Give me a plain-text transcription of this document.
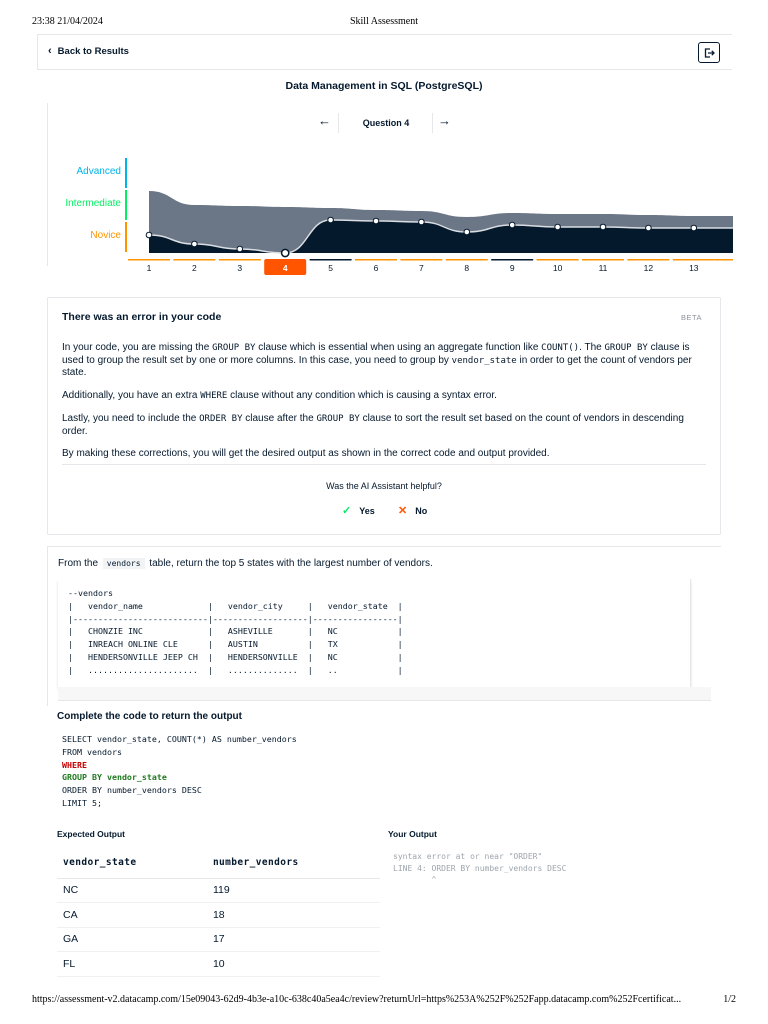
23:38 21/04/2024	Skill Assessment
‹ Back to Results
Data Management in SQL (PostgreSQL)
←	Question 4	→
Advanced
Intermediate
Novice
1	2	3	4	5	6	7	8	9	10	11	12	13
There was an error in your code	BETA

In your code, you are missing the GROUP BY clause which is essential when using an aggregate function like COUNT(). The GROUP BY clause is used to group the result set by one or more columns. In this case, you need to group by vendor_state in order to get the count of vendors per state.

Additionally, you have an extra WHERE clause without any condition which is causing a syntax error.

Lastly, you need to include the ORDER BY clause after the GROUP BY clause to sort the result set based on the count of vendors in descending order.

By making these corrections, you will get the desired output as shown in the correct code and output provided.

Was the AI Assistant helpful?
✓ Yes ✕ No
From the vendors table, return the top 5 states with the largest number of vendors.
--vendors
|   vendor_name             |   vendor_city     |   vendor_state  |
|---------------------------|-------------------|-----------------|
|   CHONZIE INC             |   ASHEVILLE       |   NC            |
|   INREACH ONLINE CLE      |   AUSTIN          |   TX            |
|   HENDERSONVILLE JEEP CH  |   HENDERSONVILLE  |   NC            |
|   ......................  |   ..............  |   ..            |
Complete the code to return the output
SELECT vendor_state, COUNT(*) AS number_vendors
FROM vendors
WHERE
GROUP BY vendor_state
ORDER BY number_vendors DESC
LIMIT 5;
Expected Output	Your Output
vendor_state	number_vendors
NC	119
CA	18
GA	17
FL	10
syntax error at or near "ORDER"
LINE 4: ORDER BY number_vendors DESC
^
https://assessment-v2.datacamp.com/15e09043-62d9-4b3e-a10c-638c40a5ea4c/review?returnUrl=https%253A%252F%252Fapp.datacamp.com%252Fcertificat...	1/2
